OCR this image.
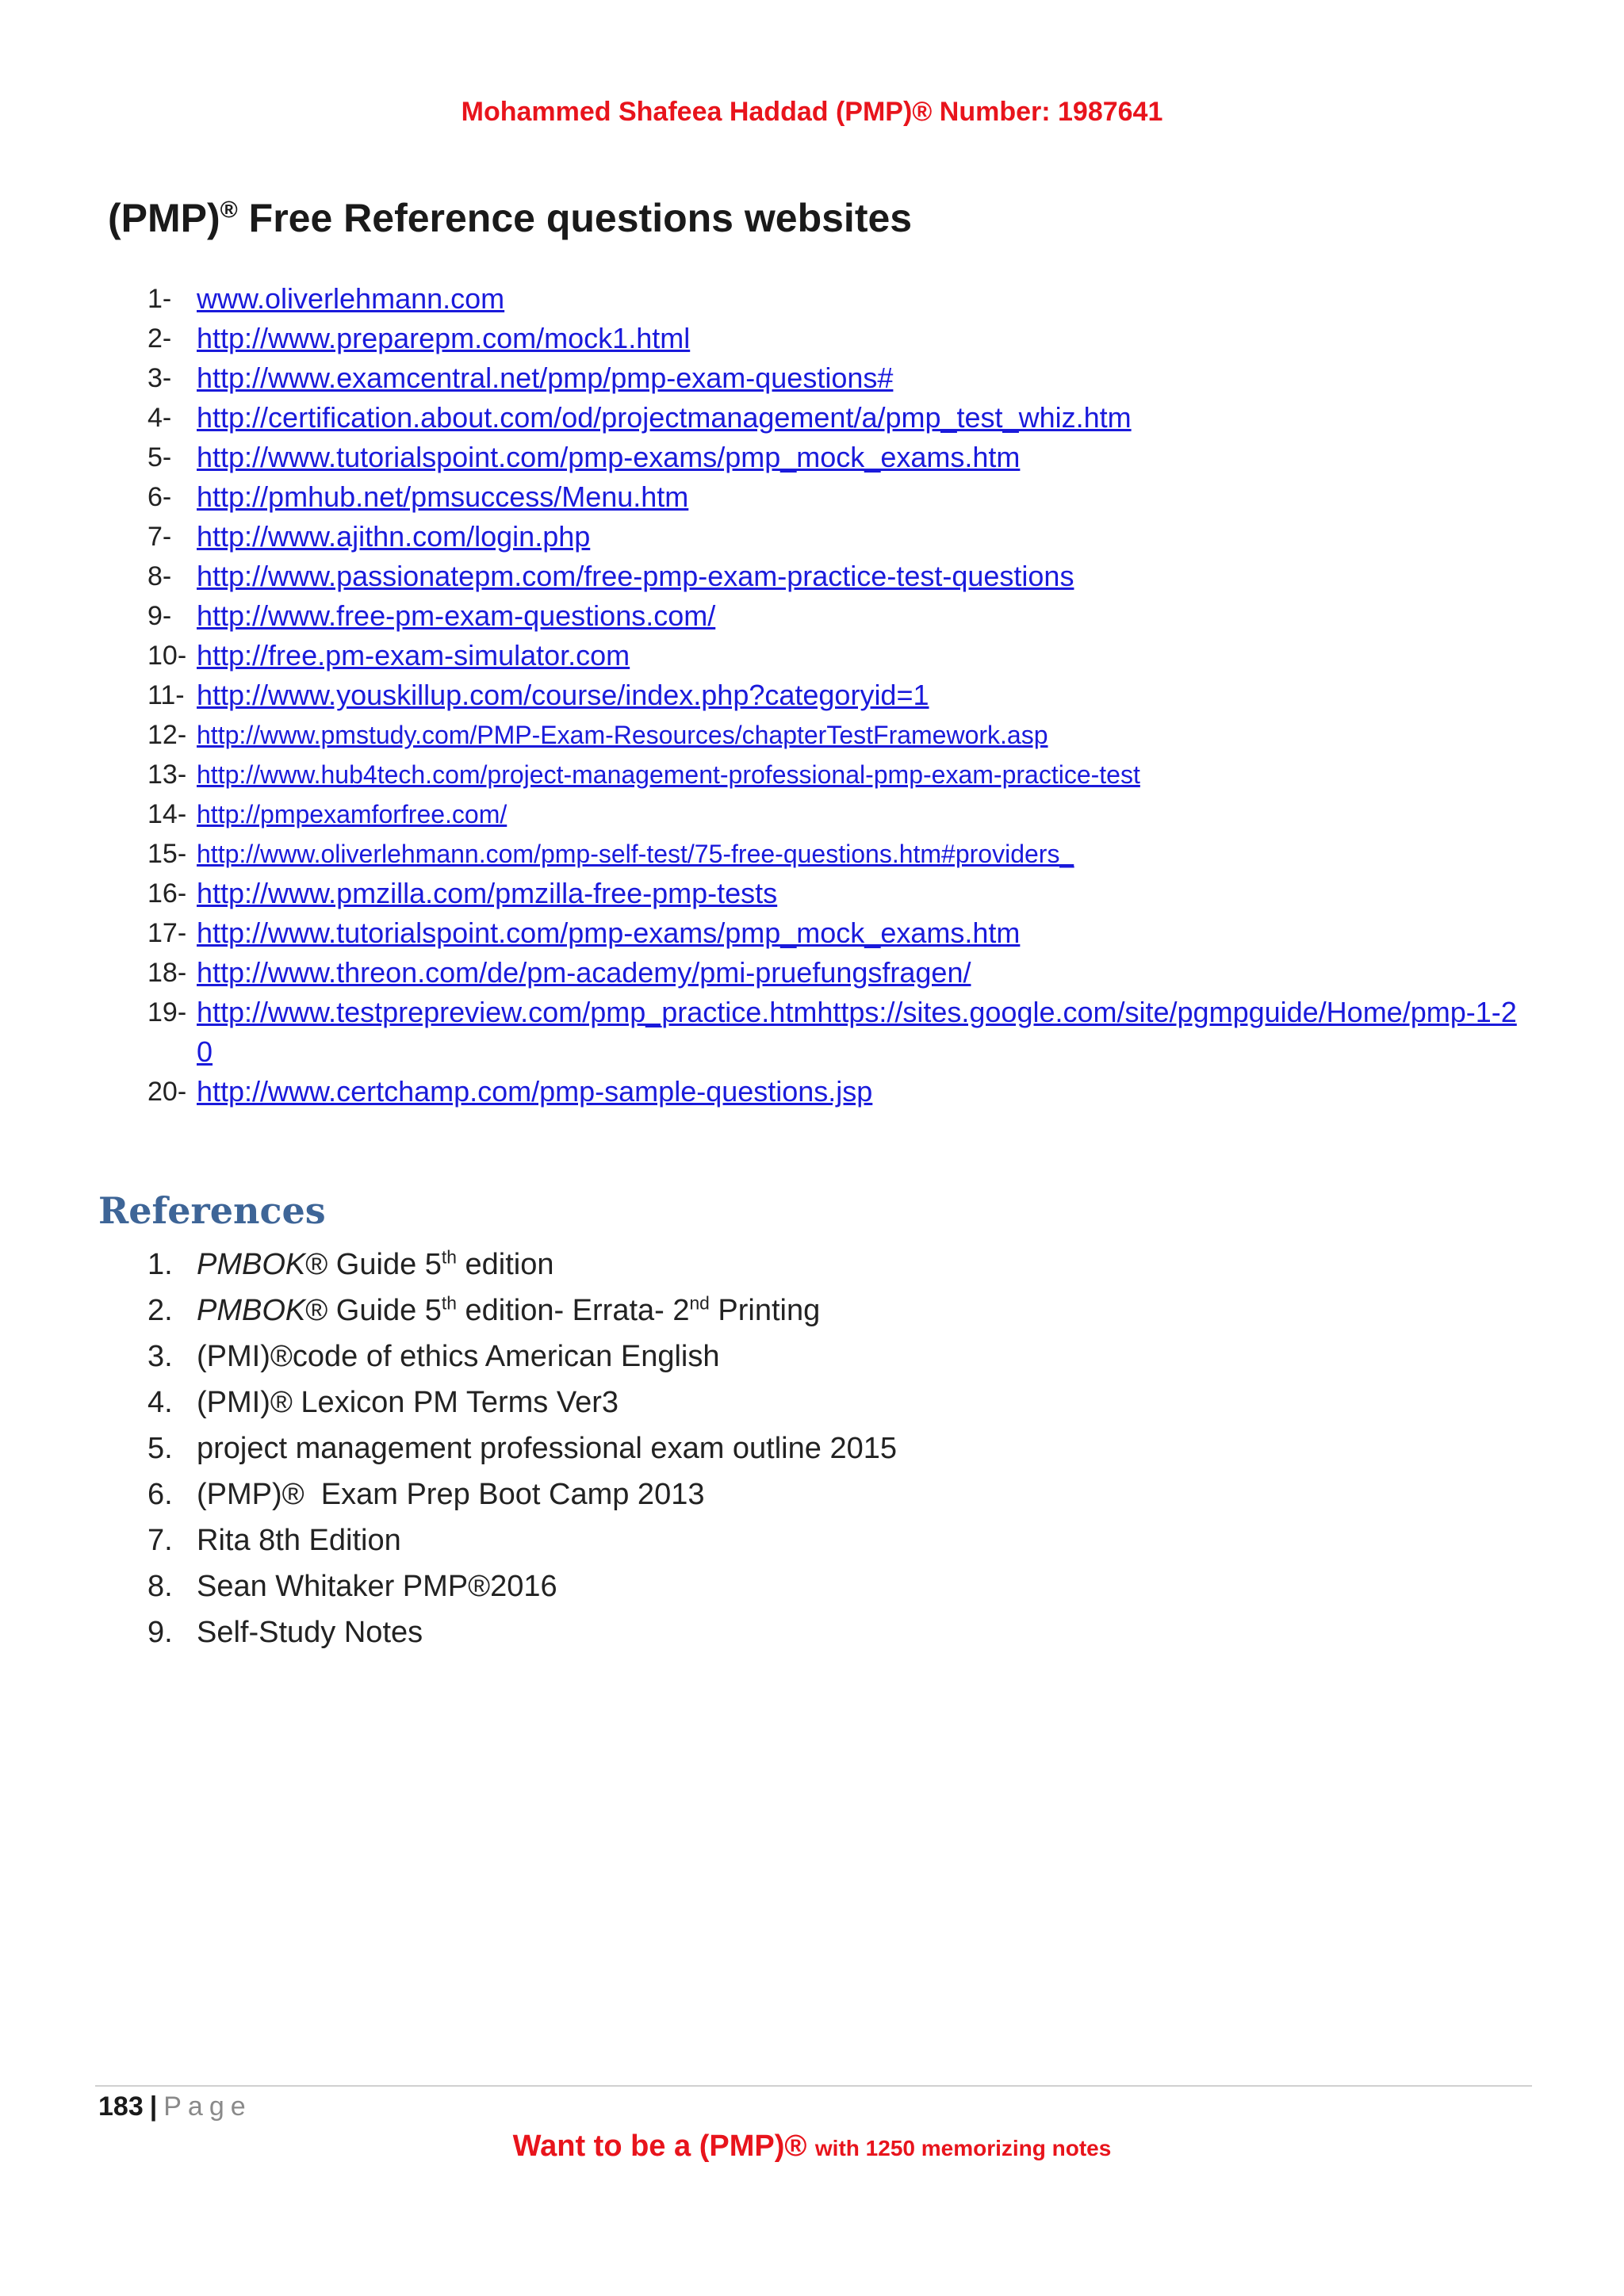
Mohammed Shafeea Haddad (PMP)® Number: 1987641
(PMP)® Free Reference questions websites
1- www.oliverlehmann.com
2- http://www.preparepm.com/mock1.html
3- http://www.examcentral.net/pmp/pmp-exam-questions#
4- http://certification.about.com/od/projectmanagement/a/pmp_test_whiz.htm
5- http://www.tutorialspoint.com/pmp-exams/pmp_mock_exams.htm
6- http://pmhub.net/pmsuccess/Menu.htm
7- http://www.ajithn.com/login.php
8- http://www.passionatepm.com/free-pmp-exam-practice-test-questions
9- http://www.free-pm-exam-questions.com/
10- http://free.pm-exam-simulator.com
11- http://www.youskillup.com/course/index.php?categoryid=1
12- http://www.pmstudy.com/PMP-Exam-Resources/chapterTestFramework.asp
13- http://www.hub4tech.com/project-management-professional-pmp-exam-practice-test
14- http://pmpexamforfree.com/
15- http://www.oliverlehmann.com/pmp-self-test/75-free-questions.htm#providers_
16- http://www.pmzilla.com/pmzilla-free-pmp-tests
17- http://www.tutorialspoint.com/pmp-exams/pmp_mock_exams.htm
18- http://www.threon.com/de/pm-academy/pmi-pruefungsfragen/
19- http://www.testprepreview.com/pmp_practice.htmhttps://sites.google.com/site/pgmpguide/Home/pmp-1-20
20- http://www.certchamp.com/pmp-sample-questions.jsp
References
1. PMBOK® Guide 5th edition
2. PMBOK® Guide 5th edition- Errata- 2nd Printing
3. (PMI)®code of ethics American English
4. (PMI)® Lexicon PM Terms Ver3
5. project management professional exam outline 2015
6. (PMP)®  Exam Prep Boot Camp 2013
7. Rita 8th Edition
8. Sean Whitaker PMP®2016
9. Self-Study Notes
183 | Page
Want to be a (PMP)® with 1250 memorizing notes
